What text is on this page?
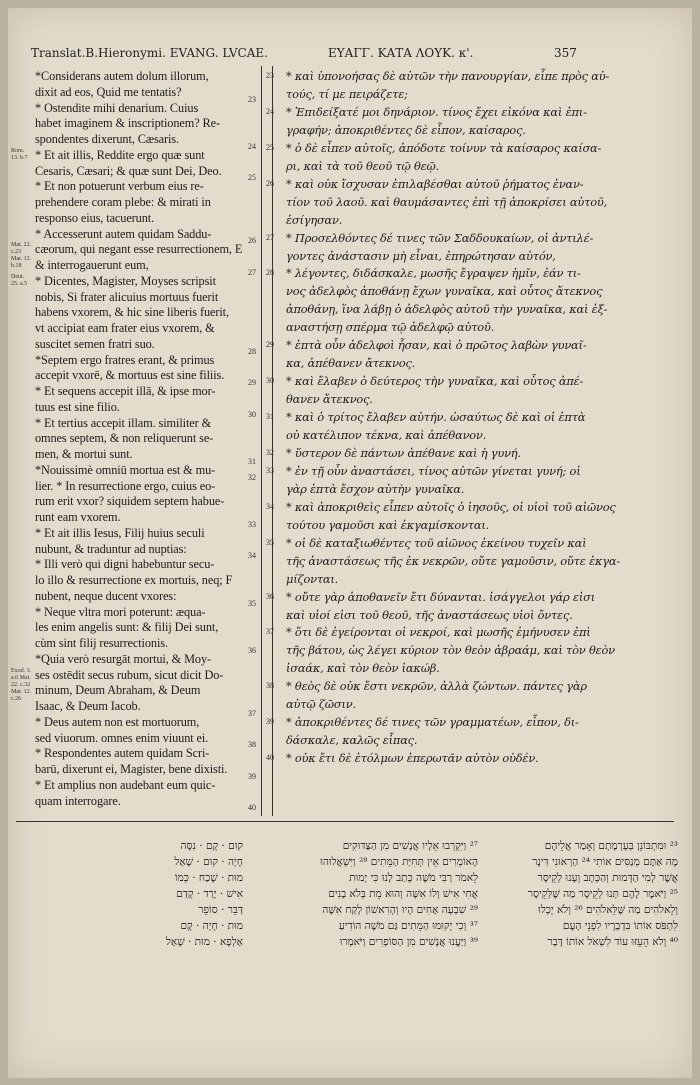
Translat.B.Hieronymi. EVANG. LVCAE.	ΕΥΑΓΓ. ΚΑΤΑ ΛΟΥΚ. κ'.	357
*Considerans autem dolum illorum,
dixit ad eos, Quid me tentatis?
* Ostendite mihi denarium. Cuius
habet imaginem & inscriptionem? Re-
spondentes dixerunt, Cæsaris.
* Et ait illis, Reddite ergo quæ sunt
Cesaris, Cæsari; & quæ sunt Dei, Deo.
* Et non potuerunt verbum eius re-
prehendere coram plebe: & mirati in
responso eius, tacuerunt.
* Accesserunt autem quidam Saddu-
cæorum, qui negant esse resurrectionem, E
& interrogauerunt eum,
* Dicentes, Magister, Moyses scripsit
nobis, Si frater alicuius mortuus fuerit
habens vxorem, & hic sine liberis fuerit,
vt accipiat eam frater eius vxorem, &
suscitet semen fratri suo.
*Septem ergo fratres erant, & primus
accepit vxorē, & mortuus est sine filiis.
* Et sequens accepit illā, & ipse mor-
tuus est sine filio.
* Et tertius accepit illam. similiter &
omnes septem, & non reliquerunt se-
men, & mortui sunt.
*Nouissimè omniū mortua est & mu-
lier. * In resurrectione ergo, cuius eo-
rum erit vxor? siquidem septem habue-
runt eam vxorem.
* Et ait illis Iesus, Filij huius seculi
nubunt, & traduntur ad nuptias:
* Illi verò qui digni habebuntur secu-
lo illo & resurrectione ex mortuis, neq; F
nubent, neque ducent vxores:
* Neque vltra mori poterunt: æqua-
les enim angelis sunt: & filij Dei sunt,
cùm sint filij resurrectionis.
*Quia verò resurgāt mortui, & Moy-
ses ostēdit secus rubum, sicut dicit Do-
minum, Deum Abraham, & Deum
Isaac, & Deum Iacob.
* Deus autem non est mortuorum,
sed viuorum. omnes enim viuunt ei.
* Respondentes autem quidam Scri-
barū, dixerunt ei, Magister, bene dixisti.
* Et amplius non audebant eum quic-
quam interrogare.
23
24
25
26
27
28
29
30
31
32
33
34
35
36
37
38
39
40
Rom. 13. b.7
Mat. 22. c.23 Mar. 12. b.18
Deut. 25. a.5
Exod. 3. a.6 Mat. 22. c.32 Mar. 12. c.26
* καὶ ὑπονοήσας δὲ αὐτῶν τὴν πανουργίαν, εἶπε πρὸς αὐ-
τούς, τί με πειράζετε;
* Ἐπιδείξατέ μοι δηνάριον. τίνος ἔχει εἰκόνα καὶ ἐπι-
γραφήν; ἀποκριθέντες δὲ εἶπον, καίσαρος.
* ὁ δὲ εἶπεν αὐτοῖς, ἀπόδοτε τοίνυν τὰ καίσαρος καίσα-
ρι, καὶ τὰ τοῦ θεοῦ τῷ θεῷ.
* καὶ οὐκ ἴσχυσαν ἐπιλαβέσθαι αὐτοῦ ῥήματος ἐναν-
τίον τοῦ λαοῦ. καὶ θαυμάσαντες ἐπὶ τῇ ἀποκρίσει αὐτοῦ,
ἐσίγησαν.
* Προσελθόντες δέ τινες τῶν Σαδδουκαίων, οἱ ἀντιλέ-
γοντες ἀνάστασιν μὴ εἶναι, ἐπηρώτησαν αὐτόν,
* λέγοντες, διδάσκαλε, μωσῆς ἔγραψεν ἡμῖν, ἐάν τι-
νος ἀδελφὸς ἀποθάνῃ ἔχων γυναῖκα, καὶ οὗτος ἄτεκνος
ἀποθάνῃ, ἵνα λάβῃ ὁ ἀδελφὸς αὐτοῦ τὴν γυναῖκα, καὶ ἐξ-
αναστήσῃ σπέρμα τῷ ἀδελφῷ αὐτοῦ.
* ἑπτὰ οὖν ἀδελφοὶ ἦσαν, καὶ ὁ πρῶτος λαβὼν γυναῖ-
κα, ἀπέθανεν ἄτεκνος.
* καὶ ἔλαβεν ὁ δεύτερος τὴν γυναῖκα, καὶ οὗτος ἀπέ-
θανεν ἄτεκνος.
* καὶ ὁ τρίτος ἔλαβεν αὐτήν. ὡσαύτως δὲ καὶ οἱ ἑπτὰ
οὐ κατέλιπον τέκνα, καὶ ἀπέθανον.
* ὕστερον δὲ πάντων ἀπέθανε καὶ ἡ γυνή.
* ἐν τῇ οὖν ἀναστάσει, τίνος αὐτῶν γίνεται γυνή; οἱ
γὰρ ἑπτὰ ἔσχον αὐτὴν γυναῖκα.
* καὶ ἀποκριθεὶς εἶπεν αὐτοῖς ὁ ἰησοῦς, οἱ υἱοὶ τοῦ αἰῶνος
τούτου γαμοῦσι καὶ ἐκγαμίσκονται.
* οἱ δὲ καταξιωθέντες τοῦ αἰῶνος ἐκείνου τυχεῖν καὶ
τῆς ἀναστάσεως τῆς ἐκ νεκρῶν, οὔτε γαμοῦσιν, οὔτε ἐκγα-
μίζονται.
* οὔτε γὰρ ἀποθανεῖν ἔτι δύνανται. ἰσάγγελοι γάρ εἰσι
καὶ υἱοί εἰσι τοῦ θεοῦ, τῆς ἀναστάσεως υἱοὶ ὄντες.
* ὅτι δὲ ἐγείρονται οἱ νεκροί, καὶ μωσῆς ἐμήνυσεν ἐπὶ
τῆς βάτου, ὡς λέγει κύριον τὸν θεὸν ἀβραάμ, καὶ τὸν θεὸν
ἰσαάκ, καὶ τὸν θεὸν ἰακώβ.
* θεὸς δὲ οὐκ ἔστι νεκρῶν, ἀλλὰ ζώντων. πάντες γὰρ
αὐτῷ ζῶσιν.
* ἀποκριθέντες δέ τινες τῶν γραμματέων, εἶπον, δι-
δάσκαλε, καλῶς εἶπας.
* οὐκ ἔτι δὲ ἐτόλμων ἐπερωτᾶν αὐτὸν οὐδέν.
23
24
25
26
27
28
29
30
31
32
33
34
35
36
37
38
39
40
²³ וּמִתְבּוֹנֵן בְּעָרְמָתָם וְאָמַר אֲלֵיהֶם
מָה אַתֶּם מְנַסִּים אוֹתִי ²⁴ הַרְאוּנִי דִּינָר
אֲשֶׁר לְמִי הַדְּמוּת וְהַכְּתָב וְעָנוּ לְקֵיסָר
²⁵ וַיֹּאמֶר לָהֶם תְּנוּ לְקֵיסָר מַה שֶּׁלְּקֵיסָר
וְלֵאלֹהִים מַה שֶּׁלֵּאלֹהִים ²⁶ וְלֹא יָכְלוּ
לִתְפֹּס אוֹתוֹ בִּדְבָרָיו לִפְנֵי הָעָם
⁴⁰ וְלֹא הֵעֵזּוּ עוֹד לִשְׁאֹל אוֹתוֹ דָּבָר
²⁷ וַיִּקְרְבוּ אֵלָיו אֲנָשִׁים מִן הַצַּדּוּקִים
הָאוֹמְרִים אֵין תְּחִיַּת הַמֵּתִים ²⁸ וַיִּשְׁאֲלוּהוּ
לֵאמֹר רַבִּי מֹשֶׁה כָּתַב לָנוּ כִּי יָמוּת
אֲחִי אִישׁ וְלוֹ אִשָּׁה וְהוּא מֵת בְּלֹא בָנִים
²⁹ שִׁבְעָה אַחִים הָיוּ וְהָרִאשׁוֹן לָקַח אִשָּׁה
³⁷ וְכִי יָקוּמוּ הַמֵּתִים גַּם מֹשֶׁה הוֹדִיעַ
³⁹ וַיַּעֲנוּ אֲנָשִׁים מִן הַסּוֹפְרִים וַיֹּאמְרוּ
קוּם · קָם · נִסָּה
חָיָה · קוּם · שָׁאַל
מוּת · שָׁכַח · כְּמוֹ
אִישׁ · יָרַד · קָדַם
דַּבֵּר · סוֹפֵר
מוּת · חָיָה · קָם
אַלְפָא · מוּת · שָׁאַל
